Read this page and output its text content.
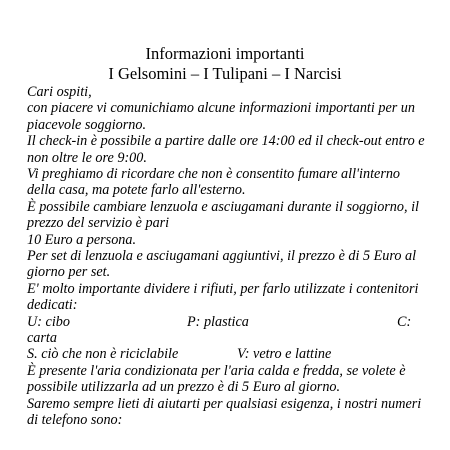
Informazioni importanti
I Gelsomini – I Tulipani – I Narcisi

Cari ospiti,

con piacere vi comunichiamo alcune informazioni importanti per un piacevole soggiorno.

Il check-in è possibile a partire dalle ore 14:00 ed il check-out entro e non oltre le ore 9:00.

Vi preghiamo di ricordare che non è consentito fumare all'interno della casa, ma potete farlo all'esterno.

È possibile cambiare lenzuola e asciugamani durante il soggiorno, il prezzo del servizio è pari

10 Euro a persona.

Per set di lenzuola e asciugamani aggiuntivi, il prezzo è di 5 Euro al giorno per set.

E' molto importante dividere i rifiuti, per farlo utilizzate i contenitori dedicati:

U: cibo	P: plastica	C:
carta
S. ciò che non è riciclabile	V: vetro e lattine

È presente l'aria condizionata per l'aria calda e fredda, se volete è possibile utilizzarla ad un prezzo è di 5 Euro al giorno.

Saremo sempre lieti di aiutarti per qualsiasi esigenza, i nostri numeri di telefono sono:
